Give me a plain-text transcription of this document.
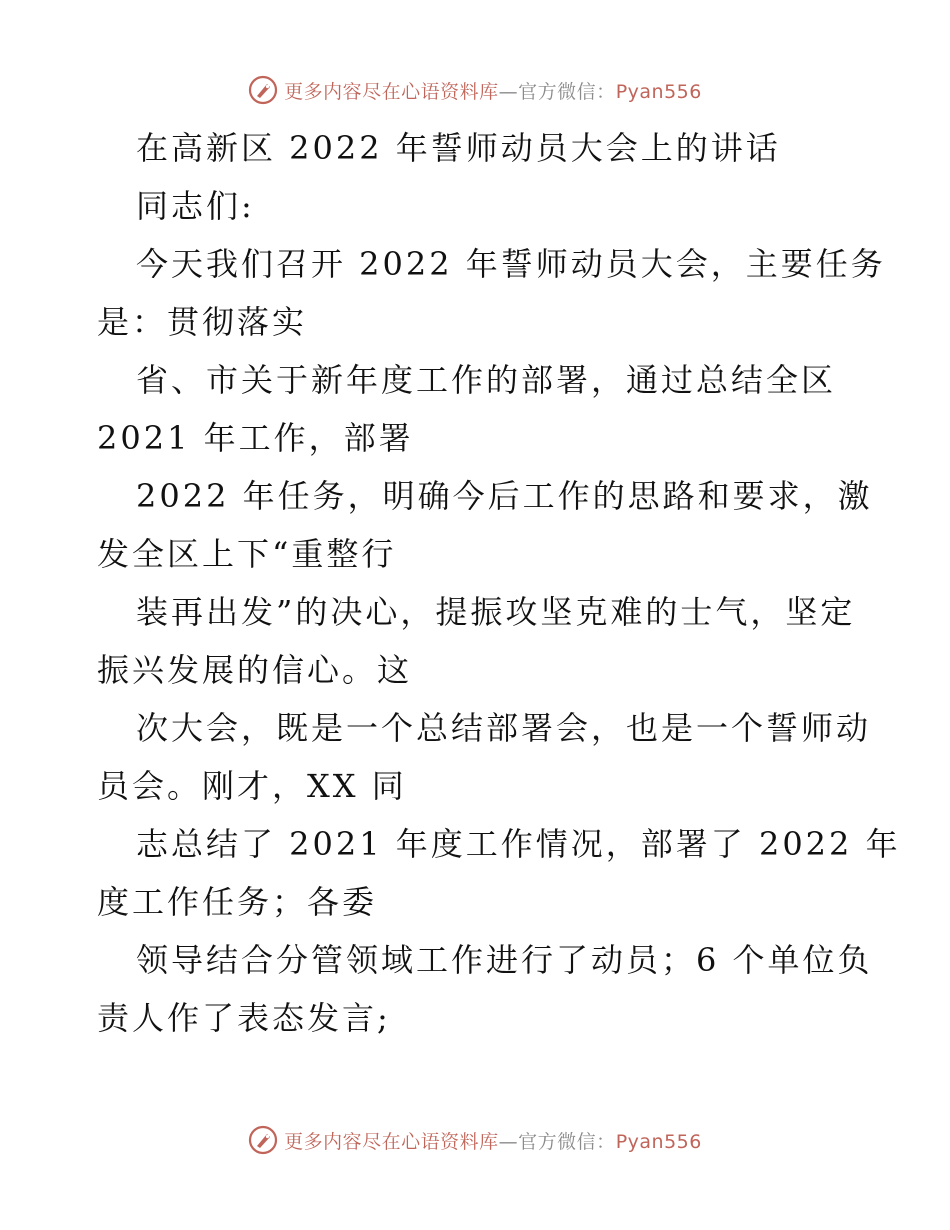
更多内容尽在心语资料库—官方微信：Pyan556
在高新区 2022 年誓师动员大会上的讲话
同志们:
今天我们召开 2022 年誓师动员大会，主要任务
是：贯彻落实
省、市关于新年度工作的部署，通过总结全区
2021 年工作，部署
2022 年任务，明确今后工作的思路和要求，激
发全区上下“重整行
装再出发”的决心，提振攻坚克难的士气，坚定
振兴发展的信心。这
次大会，既是一个总结部署会，也是一个誓师动
员会。刚才，XX 同
志总结了 2021 年度工作情况，部署了 2022 年
度工作任务；各委
领导结合分管领域工作进行了动员；6 个单位负
责人作了表态发言;
更多内容尽在心语资料库—官方微信：Pyan556
